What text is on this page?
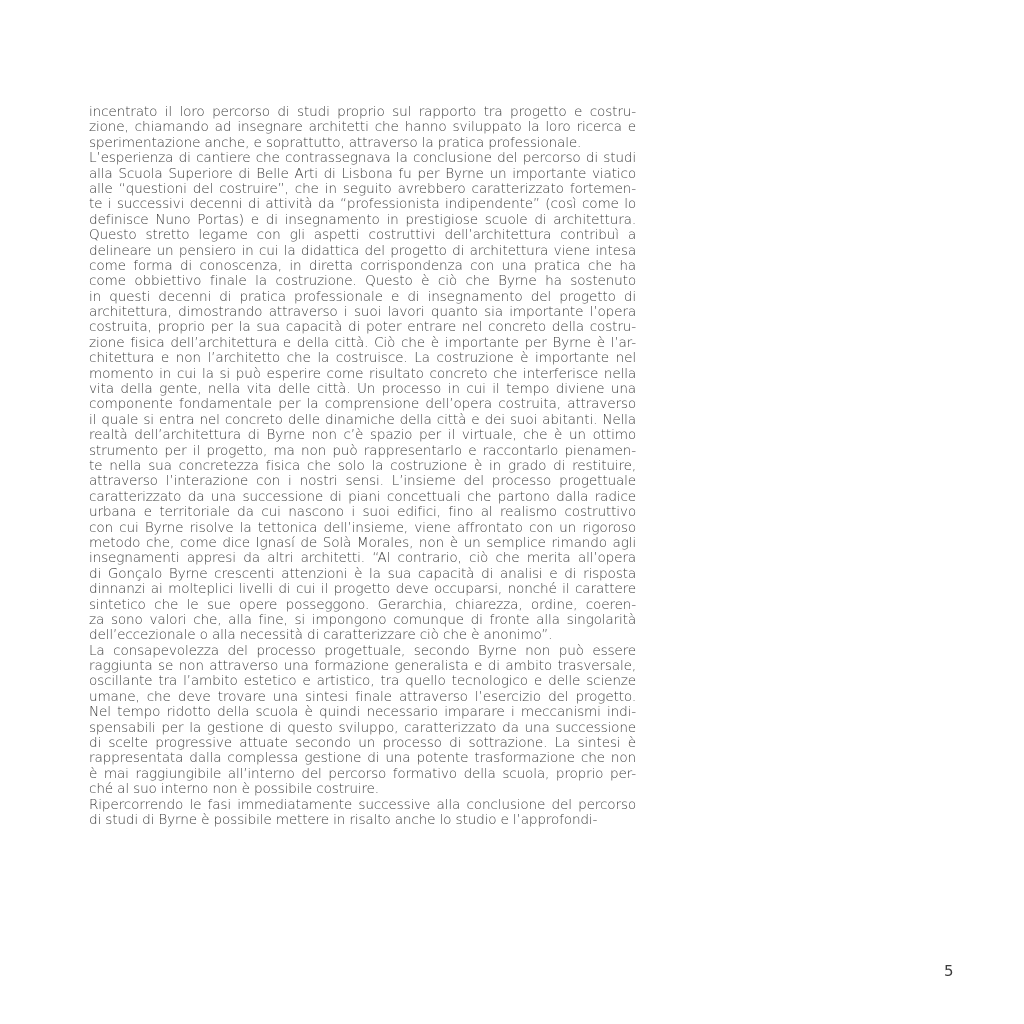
incentrato il loro percorso di studi proprio sul rapporto tra progetto e costru-
zione, chiamando ad insegnare architetti che hanno sviluppato la loro ricerca e
sperimentazione anche, e soprattutto, attraverso la pratica professionale.
L’esperienza di cantiere che contrassegnava la conclusione del percorso di studi
alla Scuola Superiore di Belle Arti di Lisbona fu per Byrne un importante viatico
alle “questioni del costruire”, che in seguito avrebbero caratterizzato fortemen-
te i successivi decenni di attività da “professionista indipendente” (così come lo
definisce Nuno Portas) e di insegnamento in prestigiose scuole di architettura.
Questo stretto legame con gli aspetti costruttivi dell’architettura contribuì a
delineare un pensiero in cui la didattica del progetto di architettura viene intesa
come forma di conoscenza, in diretta corrispondenza con una pratica che ha
come obbiettivo finale la costruzione. Questo è ciò che Byrne ha sostenuto
in questi decenni di pratica professionale e di insegnamento del progetto di
architettura, dimostrando attraverso i suoi lavori quanto sia importante l’opera
costruita, proprio per la sua capacità di poter entrare nel concreto della costru-
zione fisica dell’architettura e della città. Ciò che è importante per Byrne è l’ar-
chitettura e non l’architetto che la costruisce. La costruzione è importante nel
momento in cui la si può esperire come risultato concreto che interferisce nella
vita della gente, nella vita delle città. Un processo in cui il tempo diviene una
componente fondamentale per la comprensione dell’opera costruita, attraverso
il quale si entra nel concreto delle dinamiche della città e dei suoi abitanti. Nella
realtà dell’architettura di Byrne non c’è spazio per il virtuale, che è un ottimo
strumento per il progetto, ma non può rappresentarlo e raccontarlo pienamen-
te nella sua concretezza fisica che solo la costruzione è in grado di restituire,
attraverso l’interazione con i nostri sensi. L’insieme del processo progettuale
caratterizzato da una successione di piani concettuali che partono dalla radice
urbana e territoriale da cui nascono i suoi edifici, fino al realismo costruttivo
con cui Byrne risolve la tettonica dell’insieme, viene affrontato con un rigoroso
metodo che, come dice Ignasí de Solà Morales, non è un semplice rimando agli
insegnamenti appresi da altri architetti. “Al contrario, ciò che merita all’opera
di Gonçalo Byrne crescenti attenzioni è la sua capacità di analisi e di risposta
dinnanzi ai molteplici livelli di cui il progetto deve occuparsi, nonché il carattere
sintetico che le sue opere posseggono. Gerarchia, chiarezza, ordine, coeren-
za sono valori che, alla fine, si impongono comunque di fronte alla singolarità
dell’eccezionale o alla necessità di caratterizzare ciò che è anonimo”.
La consapevolezza del processo progettuale, secondo Byrne non può essere
raggiunta se non attraverso una formazione generalista e di ambito trasversale,
oscillante tra l’ambito estetico e artistico, tra quello tecnologico e delle scienze
umane, che deve trovare una sintesi finale attraverso l’esercizio del progetto.
Nel tempo ridotto della scuola è quindi necessario imparare i meccanismi indi-
spensabili per la gestione di questo sviluppo, caratterizzato da una successione
di scelte progressive attuate secondo un processo di sottrazione. La sintesi è
rappresentata dalla complessa gestione di una potente trasformazione che non
è mai raggiungibile all’interno del percorso formativo della scuola, proprio per-
ché al suo interno non è possibile costruire.
Ripercorrendo le fasi immediatamente successive alla conclusione del percorso
di studi di Byrne è possibile mettere in risalto anche lo studio e l’approfondi-
5
